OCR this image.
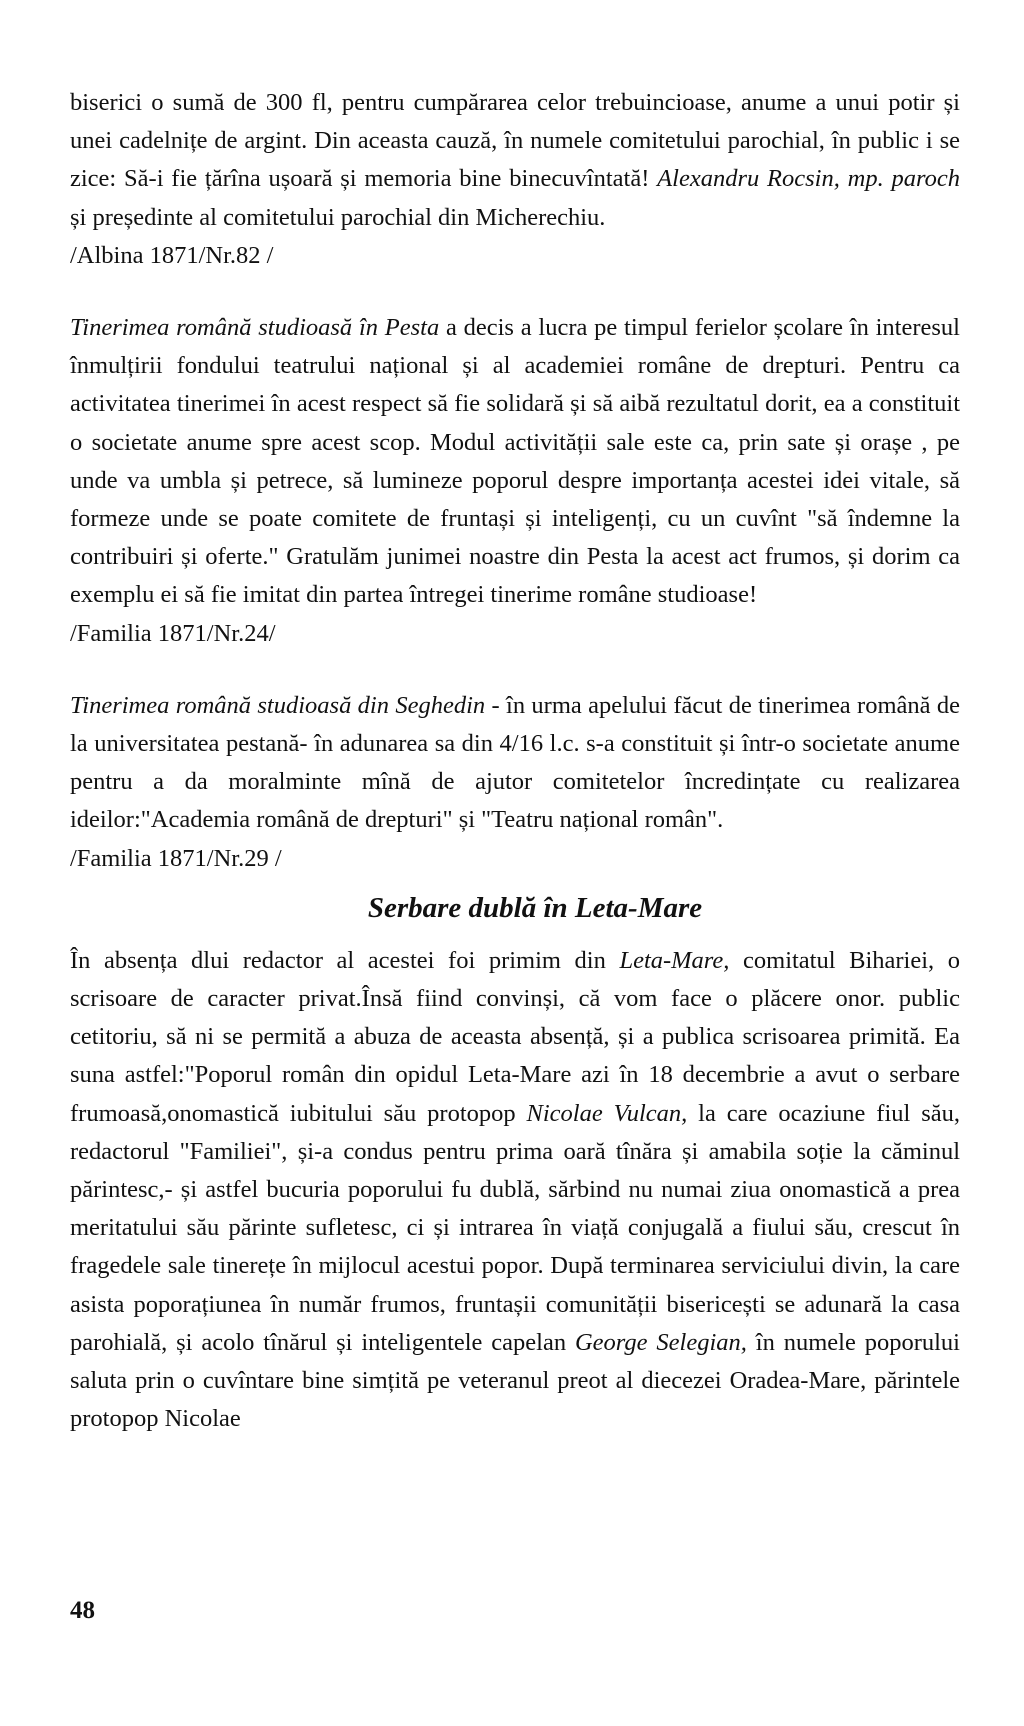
biserici o sumă de 300 fl, pentru cumpărarea celor trebuincioase, anume a unui potir și unei cadelnițe de argint. Din aceasta cauză, în numele comitetului parochial, în public i se zice: Să-i fie țărîna ușoară și memoria bine binecuvîntată! Alexandru Rocsin, mp. paroch și președinte al comitetului parochial din Micherechiu.

/Albina 1871/Nr.82 /

Tinerimea română studioasă în Pesta a decis a lucra pe timpul ferielor școlare în interesul înmulțirii fondului teatrului național și al academiei române de drepturi. Pentru ca activitatea tinerimei în acest respect să fie solidară și să aibă rezultatul dorit, ea a constituit o societate anume spre acest scop. Modul activității sale este ca, prin sate și orașe , pe unde va umbla și petrece, să lumineze poporul despre importanța acestei idei vitale, să formeze unde se poate comitete de fruntași și inteligenți, cu un cuvînt "să îndemne la contribuiri și oferte." Gratulăm junimei noastre din Pesta la acest act frumos, și dorim ca exemplu ei să fie imitat din partea întregei tinerime române studioase!

/Familia 1871/Nr.24/

Tinerimea română studioasă din Seghedin - în urma apelului făcut de tinerimea română de la universitatea pestană- în adunarea sa din 4/16 l.c. s-a constituit și într-o societate anume pentru a da moralminte mînă de ajutor comitetelor încredințate cu realizarea ideilor:"Academia română de drepturi" și "Teatru național român".

/Familia 1871/Nr.29 /

Serbare dublă în Leta-Mare

În absența dlui redactor al acestei foi primim din Leta-Mare, comitatul Bihariei, o scrisoare de caracter privat.Însă fiind convinși, că vom face o plăcere onor. public cetitoriu, să ni se permită a abuza de aceasta absență, și a publica scrisoarea primită. Ea suna astfel:"Poporul român din opidul Leta-Mare azi în 18 decembrie a avut o serbare frumoasă,onomastică iubitului său protopop Nicolae Vulcan, la care ocaziune fiul său, redactorul "Familiei", și-a condus pentru prima oară tînăra și amabila soție la căminul părintesc,- și astfel bucuria poporului fu dublă, sărbind nu numai ziua onomastică a prea meritatului său părinte sufletesc, ci și intrarea în viață conjugală a fiului său, crescut în fragedele sale tinerețe în mijlocul acestui popor. După terminarea serviciului divin, la care asista poporațiunea în număr frumos, fruntașii comunității bisericești se adunară la casa parohială, și acolo tînărul și inteligentele capelan George Selegian, în numele poporului saluta prin o cuvîntare bine simțită pe veteranul preot al diecezei Oradea-Mare, părintele protopop Nicolae

48
